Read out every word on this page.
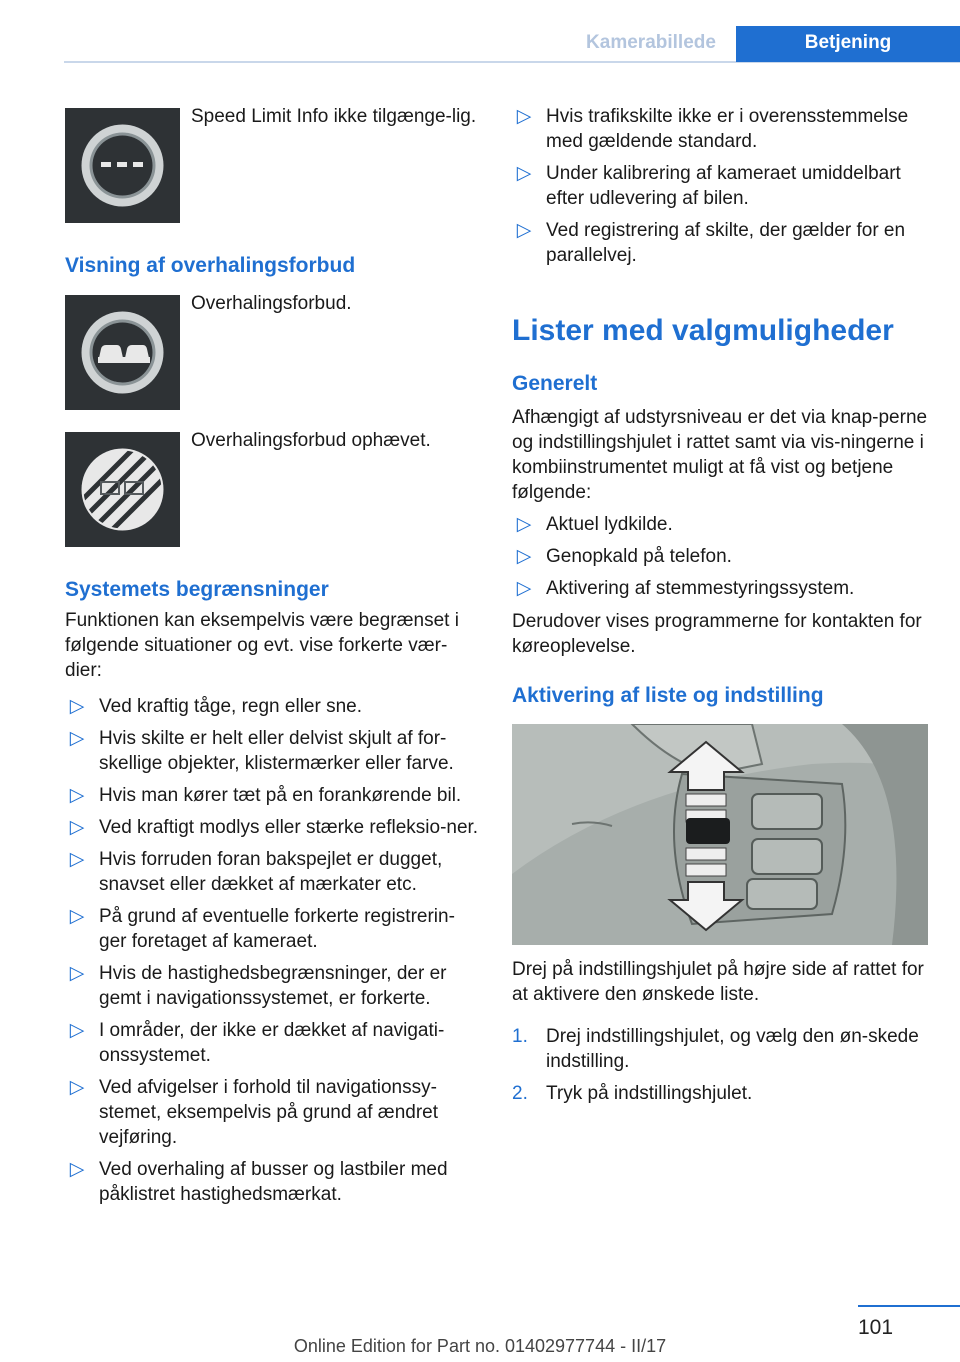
Kamerabillede	Betjening
Speed Limit Info ikke tilgænge-lig.
Visning af overhalingsforbud
Overhalingsforbud.
Overhalingsforbud ophævet.
Systemets begrænsninger
Funktionen kan eksempelvis være begrænset i følgende situationer og evt. vise forkerte vær-dier:
▷ Ved kraftig tåge, regn eller sne.
▷ Hvis skilte er helt eller delvist skjult af for-skellige objekter, klistermærker eller farve.
▷ Hvis man kører tæt på en forankørende bil.
▷ Ved kraftigt modlys eller stærke refleksio-ner.
▷ Hvis forruden foran bakspejlet er dugget, snavset eller dækket af mærkater etc.
▷ På grund af eventuelle forkerte registrerin-ger foretaget af kameraet.
▷ Hvis de hastighedsbegrænsninger, der er gemt i navigationssystemet, er forkerte.
▷ I områder, der ikke er dækket af navigati-onssystemet.
▷ Ved afvigelser i forhold til navigationssy-stemet, eksempelvis på grund af ændret vejføring.
▷ Ved overhaling af busser og lastbiler med påklistret hastighedsmærkat.
▷ Hvis trafikskilte ikke er i overensstemmelse med gældende standard.
▷ Under kalibrering af kameraet umiddelbart efter udlevering af bilen.
▷ Ved registrering af skilte, der gælder for en parallelvej.
Lister med valgmuligheder
Generelt
Afhængigt af udstyrsniveau er det via knap-perne og indstillingshjulet i rattet samt via vis-ningerne i kombiinstrumentet muligt at få vist og betjene følgende:
▷ Aktuel lydkilde.
▷ Genopkald på telefon.
▷ Aktivering af stemmestyringssystem.
Derudover vises programmerne for kontakten for køreoplevelse.
Aktivering af liste og indstilling
Drej på indstillingshjulet på højre side af rattet for at aktivere den ønskede liste.
1. Drej indstillingshjulet, og vælg den øn-skede indstilling.
2. Tryk på indstillingshjulet.
101
Online Edition for Part no. 01402977744 - II/17
